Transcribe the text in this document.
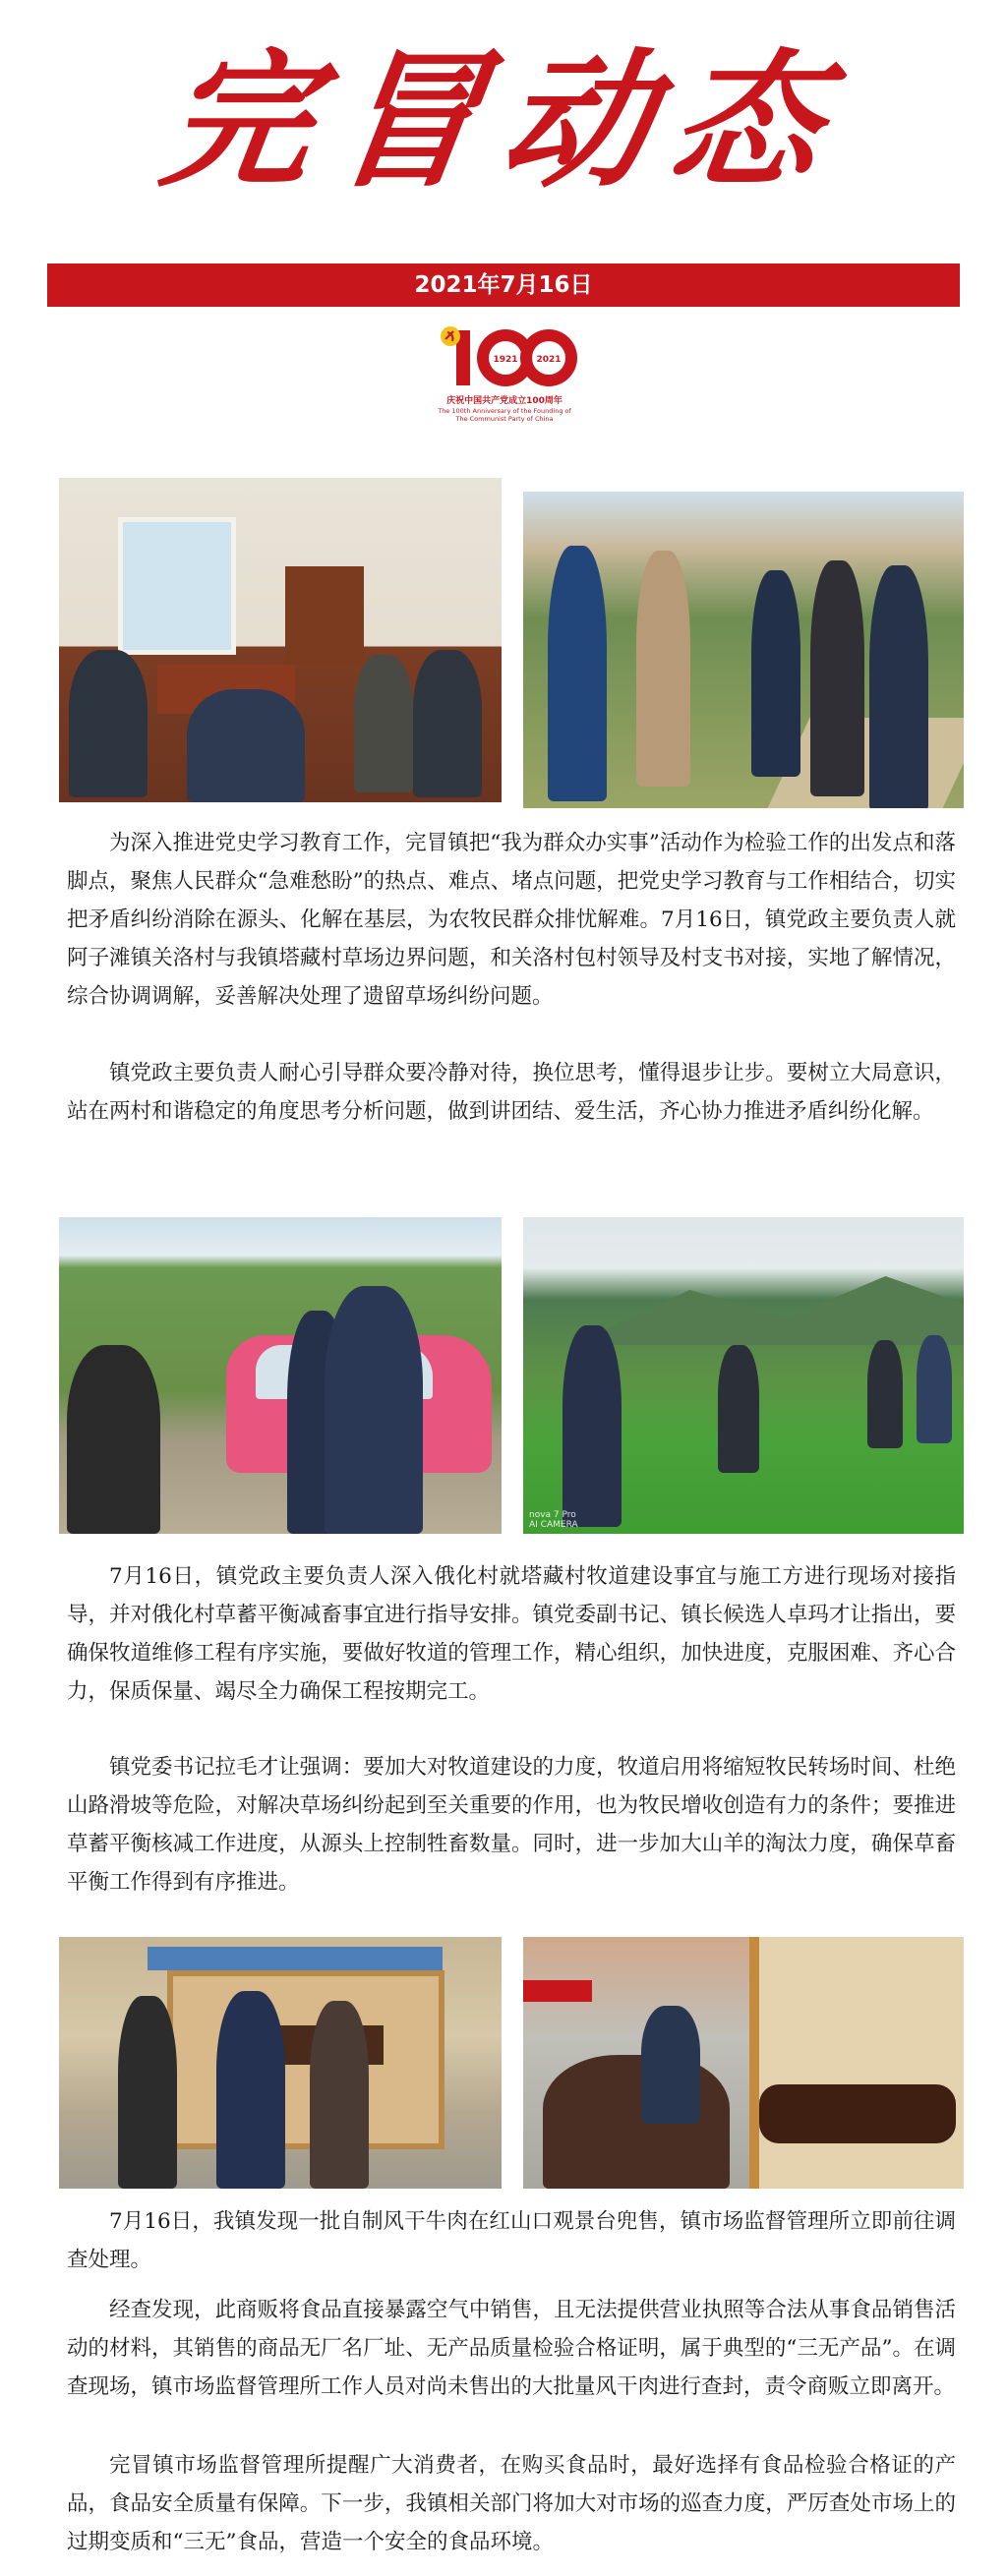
完冒动态
2021年7月16日
1921 2021
庆祝中国共产党成立100周年
The 100th Anniversary of the Founding of
The Communist Party of China

为深入推进党史学习教育工作，完冒镇把“我为群众办实事”活动作为检验工作的出发点和落脚点，聚焦人民群众“急难愁盼”的热点、难点、堵点问题，把党史学习教育与工作相结合，切实把矛盾纠纷消除在源头、化解在基层，为农牧民群众排忧解难。7月16日，镇党政主要负责人就阿子滩镇关洛村与我镇塔藏村草场边界问题，和关洛村包村领导及村支书对接，实地了解情况，综合协调调解，妥善解决处理了遗留草场纠纷问题。

镇党政主要负责人耐心引导群众要冷静对待，换位思考，懂得退步让步。要树立大局意识，站在两村和谐稳定的角度思考分析问题，做到讲团结、爱生活，齐心协力推进矛盾纠纷化解。

nova 7 Pro
AI CAMERA

7月16日，镇党政主要负责人深入俄化村就塔藏村牧道建设事宜与施工方进行现场对接指导，并对俄化村草蓄平衡减畜事宜进行指导安排。镇党委副书记、镇长候选人卓玛才让指出，要确保牧道维修工程有序实施，要做好牧道的管理工作，精心组织，加快进度，克服困难、齐心合力，保质保量、竭尽全力确保工程按期完工。

镇党委书记拉毛才让强调：要加大对牧道建设的力度，牧道启用将缩短牧民转场时间、杜绝山路滑坡等危险，对解决草场纠纷起到至关重要的作用，也为牧民增收创造有力的条件；要推进草蓄平衡核减工作进度，从源头上控制牲畜数量。同时，进一步加大山羊的淘汰力度，确保草畜平衡工作得到有序推进。

7月16日，我镇发现一批自制风干牛肉在红山口观景台兜售，镇市场监督管理所立即前往调查处理。

经查发现，此商贩将食品直接暴露空气中销售，且无法提供营业执照等合法从事食品销售活动的材料，其销售的商品无厂名厂址、无产品质量检验合格证明，属于典型的“三无产品”。在调查现场，镇市场监督管理所工作人员对尚未售出的大批量风干肉进行查封，责令商贩立即离开。

完冒镇市场监督管理所提醒广大消费者，在购买食品时，最好选择有食品检验合格证的产品，食品安全质量有保障。下一步，我镇相关部门将加大对市场的巡查力度，严厉查处市场上的过期变质和“三无”食品，营造一个安全的食品环境。
